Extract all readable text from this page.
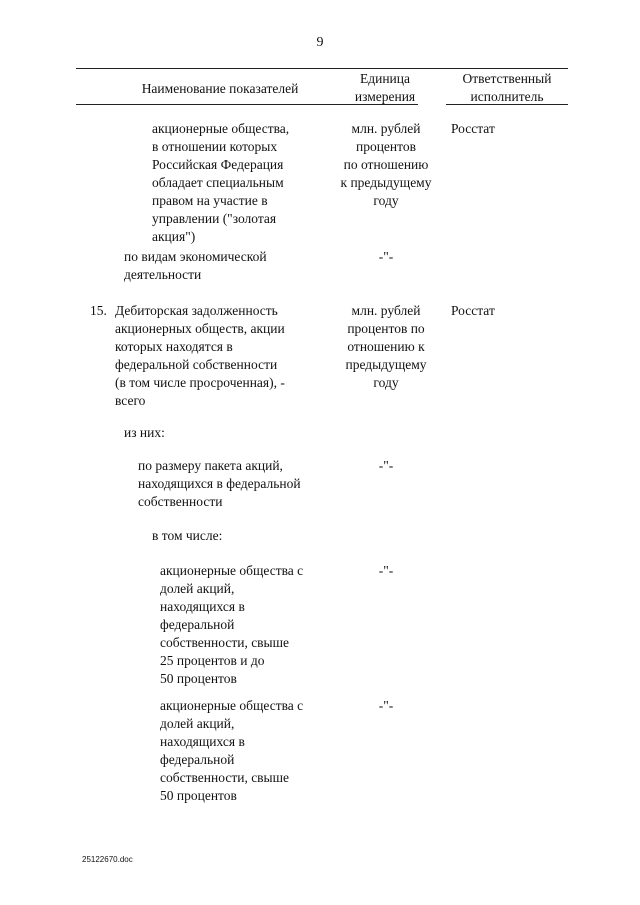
9
Наименование показателей
Единица
измерения
Ответственный
исполнитель
акционерные общества,
в отношении которых
Российская Федерация
обладает специальным
правом на участие в
управлении ("золотая
акция")
млн. рублей
процентов
по отношению
к предыдущему
году
Росстат
по видам экономической
деятельности
-"-
15. Дебиторская задолженность
акционерных обществ, акции
которых находятся в
федеральной собственности
(в том числе просроченная), -
всего
млн. рублей
процентов по
отношению к
предыдущему
году
Росстат
из них:
по размеру пакета акций,
находящихся в федеральной
собственности
-"-
в том числе:
акционерные общества с
долей акций,
находящихся в
федеральной
собственности, свыше
25 процентов и до
50 процентов
-"-
акционерные общества с
долей акций,
находящихся в
федеральной
собственности, свыше
50 процентов
-"-
25122670.doc
